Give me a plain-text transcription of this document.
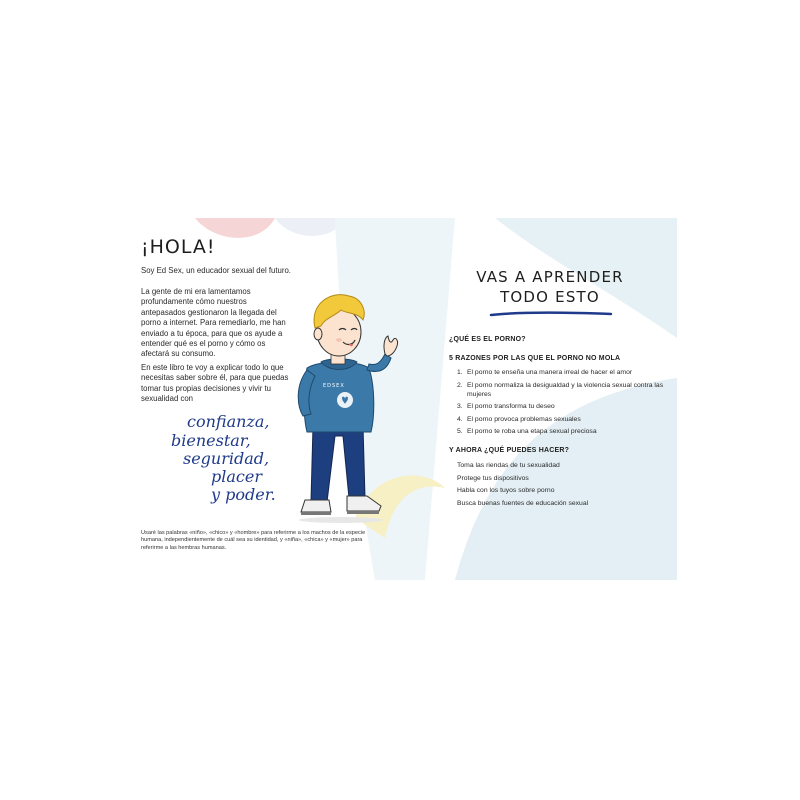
¡HOLA!
Soy Ed Sex, un educador sexual del futuro.
La gente de mi era lamentamos profundamente cómo nuestros antepasados gestionaron la llegada del porno a internet. Para remediarlo, me han enviado a tu época, para que os ayude a entender qué es el porno y cómo os afectará su consumo.
En este libro te voy a explicar todo lo que necesitas saber sobre él, para que puedas tomar tus propias decisiones y vivir tu sexualidad con
confianza,
bienestar,
seguridad,
placer
y poder.
EDSEX
Usaré las palabras «niño», «chico» y «hombre» para referirme a los machos de la especie humana, independientemente de cuál sea su identidad, y «niña», «chica» y «mujer» para referirme a las hembras humanas.
VAS A APRENDER
TODO ESTO
¿QUÉ ES EL PORNO?
5 RAZONES POR LAS QUE EL PORNO NO MOLA
1. El porno te enseña una manera irreal de hacer el amor
2. El porno normaliza la desigualdad y la violencia sexual contra las mujeres
3. El porno transforma tu deseo
4. El porno provoca problemas sexuales
5. El porno te roba una etapa sexual preciosa
Y AHORA ¿QUÉ PUEDES HACER?
Toma las riendas de tu sexualidad
Protege tus dispositivos
Habla con los tuyos sobre porno
Busca buenas fuentes de educación sexual
